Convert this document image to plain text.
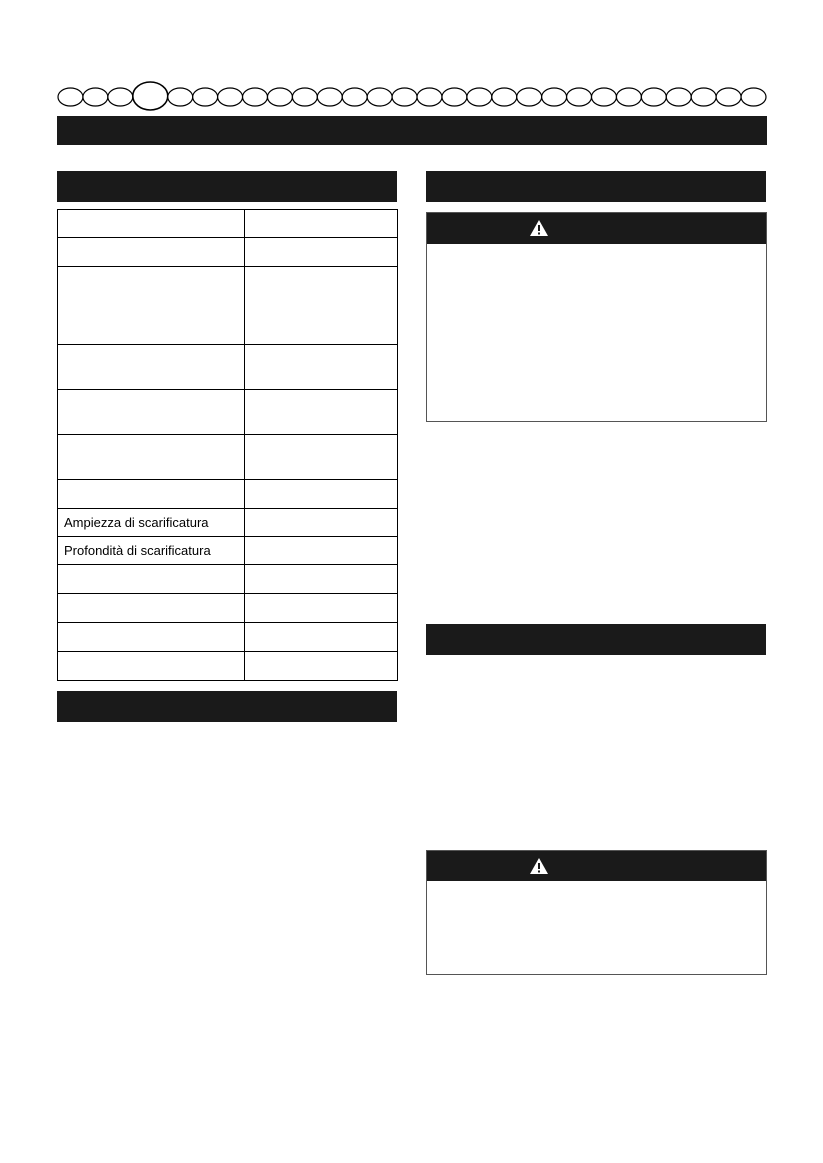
Ampiezza di scarificatura	
Profondità di scarificatura	
